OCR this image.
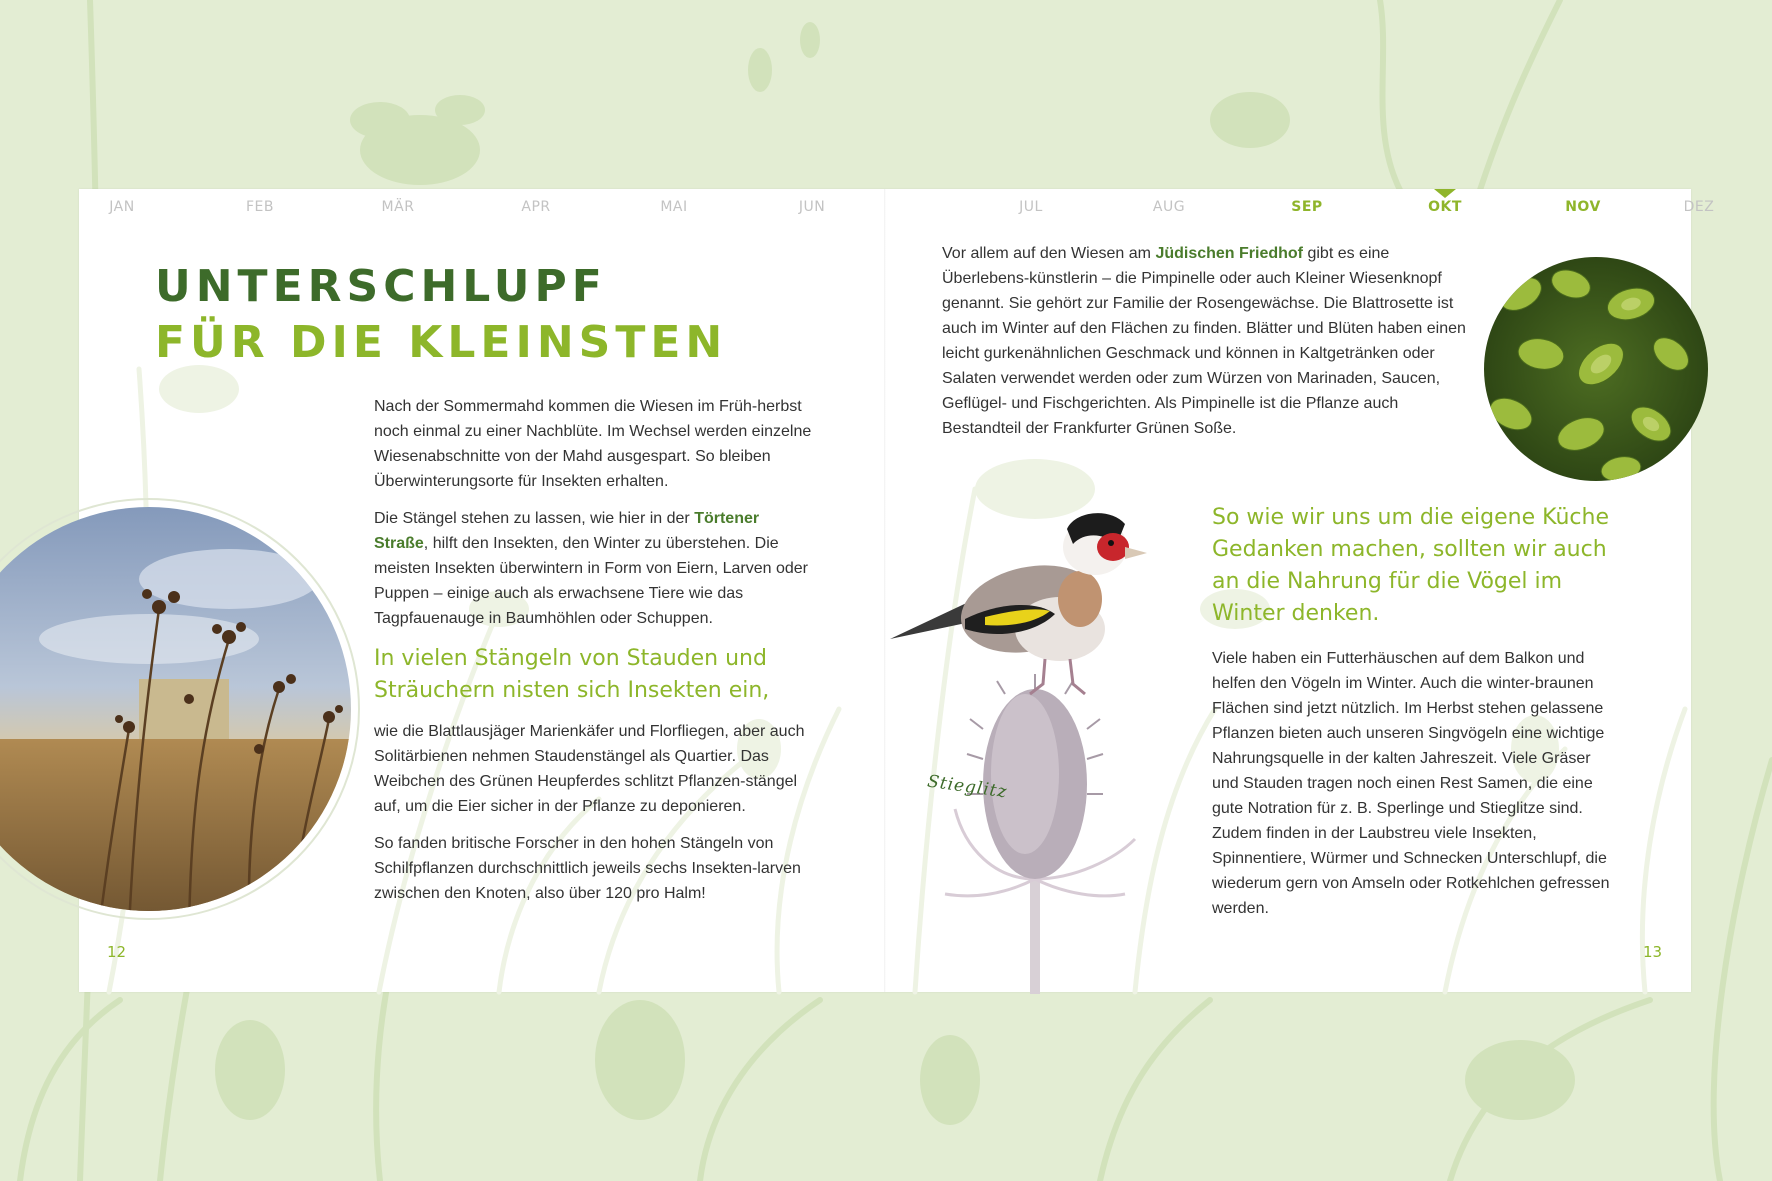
JAN	FEB	MÄR	APR	MAI	JUN
UNTERSCHLUPF
FÜR DIE KLEINSTEN

Nach der Sommermahd kommen die Wiesen im Früh-herbst noch einmal zu einer Nachblüte. Im Wechsel werden einzelne Wiesenabschnitte von der Mahd ausgespart. So bleiben Überwinterungsorte für Insekten erhalten.

Die Stängel stehen zu lassen, wie hier in der Törtener Straße, hilft den Insekten, den Winter zu überstehen. Die meisten Insekten überwintern in Form von Eiern, Larven oder Puppen – einige auch als erwachsene Tiere wie das Tagpfauenauge in Baumhöhlen oder Schuppen.

In vielen Stängeln von Stauden und Sträuchern nisten sich Insekten ein,

wie die Blattlausjäger Marienkäfer und Florfliegen, aber auch Solitärbienen nehmen Staudenstängel als Quartier. Das Weibchen des Grünen Heupferdes schlitzt Pflanzen-stängel auf, um die Eier sicher in der Pflanze zu deponieren.

So fanden britische Forscher in den hohen Stängeln von Schilfpflanzen durchschnittlich jeweils sechs Insekten-larven zwischen den Knoten, also über 120 pro Halm!

12
JUL	AUG	SEP	OKT	NOV	DEZ

Vor allem auf den Wiesen am Jüdischen Friedhof gibt es eine Überlebens-künstlerin – die Pimpinelle oder auch Kleiner Wiesenknopf genannt. Sie gehört zur Familie der Rosengewächse. Die Blattrosette ist auch im Winter auf den Flächen zu finden. Blätter und Blüten haben einen leicht gurkenähnlichen Geschmack und können in Kaltgetränken oder Salaten verwendet werden oder zum Würzen von Marinaden, Saucen, Geflügel- und Fischgerichten. Als Pimpinelle ist die Pflanze auch Bestandteil der Frankfurter Grünen Soße.

Stieglitz

So wie wir uns um die eigene Küche Gedanken machen, sollten wir auch an die Nahrung für die Vögel im Winter denken.

Viele haben ein Futterhäuschen auf dem Balkon und helfen den Vögeln im Winter. Auch die winter-braunen Flächen sind jetzt nützlich. Im Herbst stehen gelassene Pflanzen bieten auch unseren Singvögeln eine wichtige Nahrungsquelle in der kalten Jahreszeit. Viele Gräser und Stauden tragen noch einen Rest Samen, die eine gute Notration für z. B. Sperlinge und Stieglitze sind. Zudem finden in der Laubstreu viele Insekten, Spinnentiere, Würmer und Schnecken Unterschlupf, die wiederum gern von Amseln oder Rotkehlchen gefressen werden.

13
